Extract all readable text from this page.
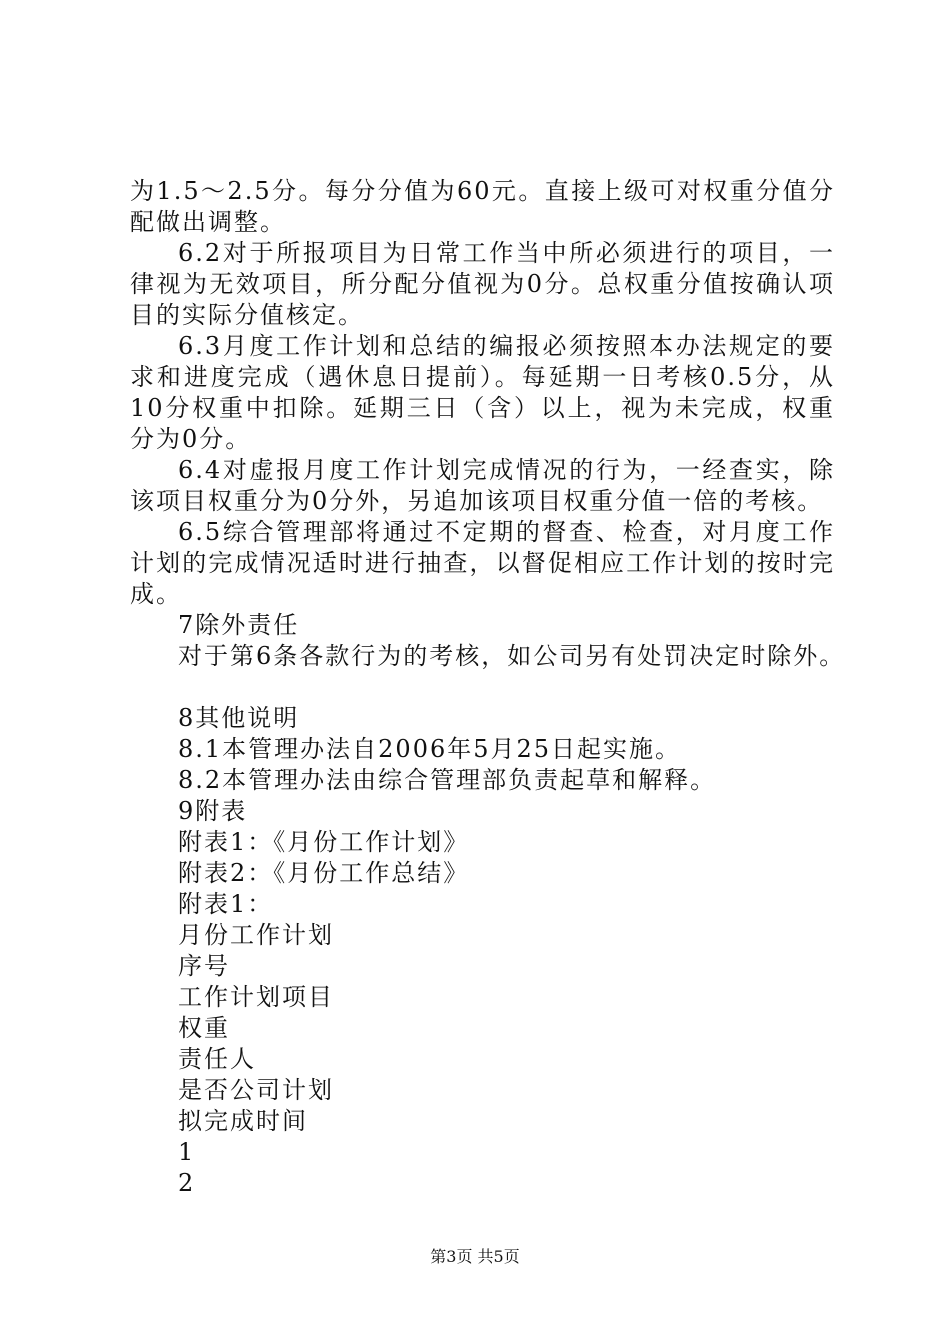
为1.5～2.5分。每分分值为60元。直接上级可对权重分值分配做出调整。

6.2对于所报项目为日常工作当中所必须进行的项目，一律视为无效项目，所分配分值视为0分。总权重分值按确认项目的实际分值核定。

6.3月度工作计划和总结的编报必须按照本办法规定的要求和进度完成（遇休息日提前）。每延期一日考核0.5分，从10分权重中扣除。延期三日（含）以上，视为未完成，权重分为0分。

6.4对虚报月度工作计划完成情况的行为，一经查实，除该项目权重分为0分外，另追加该项目权重分值一倍的考核。

6.5综合管理部将通过不定期的督查、检查，对月度工作计划的完成情况适时进行抽查，以督促相应工作计划的按时完成。

7除外责任

对于第6条各款行为的考核，如公司另有处罚决定时除外。

8其他说明

8.1本管理办法自2006年5月25日起实施。

8.2本管理办法由综合管理部负责起草和解释。

9附表

附表1：《月份工作计划》

附表2：《月份工作总结》

附表1：

月份工作计划

序号

工作计划项目

权重

责任人

是否公司计划

拟完成时间

1

2

第3页 共5页
